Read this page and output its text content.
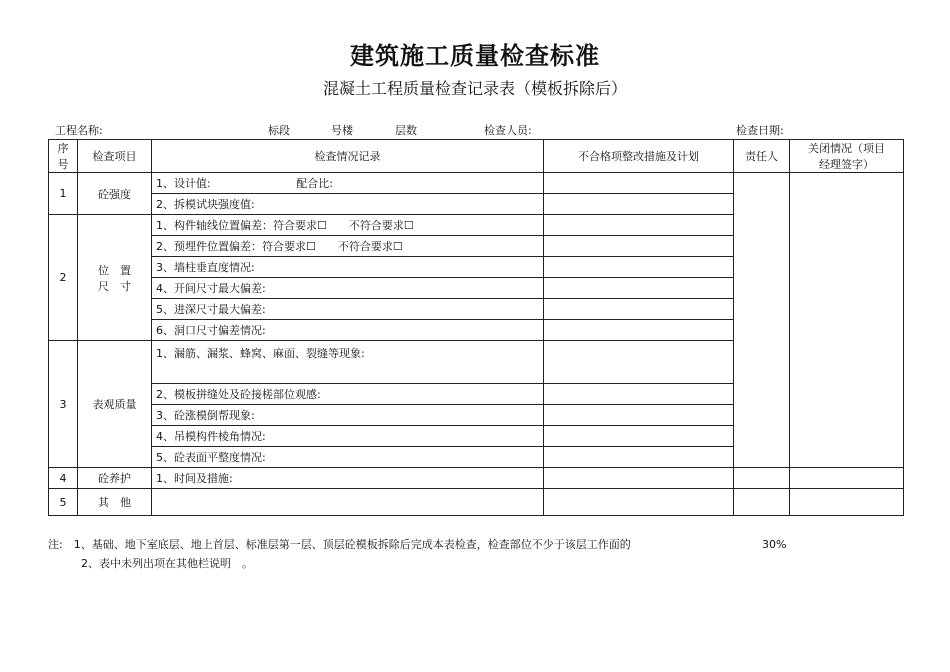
建筑施工质量检查标准
混凝土工程质量检查记录表（模板拆除后）
工程名称:	标段	号楼	层数	检查人员:	检查日期:
序
号	检查项目	检查情况记录	不合格项整改措施及计划	责任人	关闭情况（项目
经理签字）
1	砼强度	1、设计值: 配合比:			
		2、拆模试块强度值:			
2	位　置
尺　寸	1、构件轴线位置偏差：符合要求☐　　不符合要求☐			
		2、预埋件位置偏差：符合要求☐　　不符合要求☐			
		3、墙柱垂直度情况:			
		4、开间尺寸最大偏差:			
		5、进深尺寸最大偏差:			
		6、洞口尺寸偏差情况:			
3	表观质量	1、漏筋、漏浆、蜂窝、麻面、裂缝等现象:			
		2、模板拼缝处及砼接槎部位观感:			
		3、砼涨模倒帮现象:			
		4、吊模构件棱角情况:			
		5、砼表面平整度情况:			
4	砼养护	1、时间及措施:			
5	其　他				
注:　1、基础、地下室底层、地上首层、标准层第一层、顶层砼模板拆除后完成本表检查，检查部位不少于该层工作面的	30%
　　　2、表中未列出项在其他栏说明　。
